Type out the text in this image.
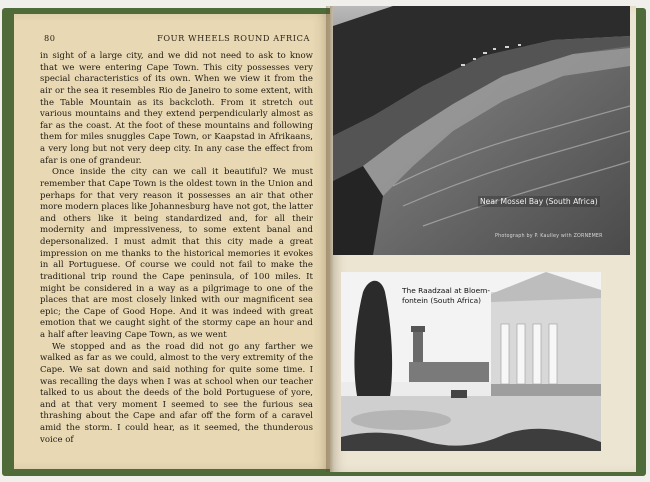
80	FOUR WHEELS ROUND AFRICA

in sight of a large city, and we did not need to ask to know that we were entering Cape Town. This city possesses very special characteristics of its own. When we view it from the air or the sea it resembles Rio de Janeiro to some extent, with the Table Mountain as its backcloth. From it stretch out various mountains and they extend perpendicularly almost as far as the coast. At the foot of these mountains and following them for miles snuggles Cape Town, or Kaapstad in Afrikaans, a very long but not very deep city. In any case the effect from afar is one of grandeur.

Once inside the city can we call it beautiful? We must remember that Cape Town is the oldest town in the Union and perhaps for that very reason it possesses an air that other more modern places like Johannesburg have not got, the latter and others like it being standardized and, for all their modernity and impressiveness, to some extent banal and depersonalized. I must admit that this city made a great impression on me thanks to the historical memories it evokes in all Portuguese. Of course we could not fail to make the traditional trip round the Cape peninsula, of 100 miles. It might be considered in a way as a pilgrimage to one of the places that are most closely linked with our magnificent sea epic; the Cape of Good Hope. And it was indeed with great emotion that we caught sight of the stormy cape an hour and a half after leaving Cape Town, as we went

We stopped and as the road did not go any farther we walked as far as we could, almost to the very extremity of the Cape. We sat down and said nothing for quite some time. I was recalling the days when I was at school when our teacher talked to us about the deeds of the bold Portuguese of yore, and at that very moment I seemed to see the furious sea thrashing about the Cape and afar off the form of a caravel amid the storm. I could hear, as it seemed, the thunderous voice of

Near Mossel Bay (South Africa)
Photograph by P. Kaulley with ZORNEMER
The Raadzaal at Bloem-
fontein (South Africa)
